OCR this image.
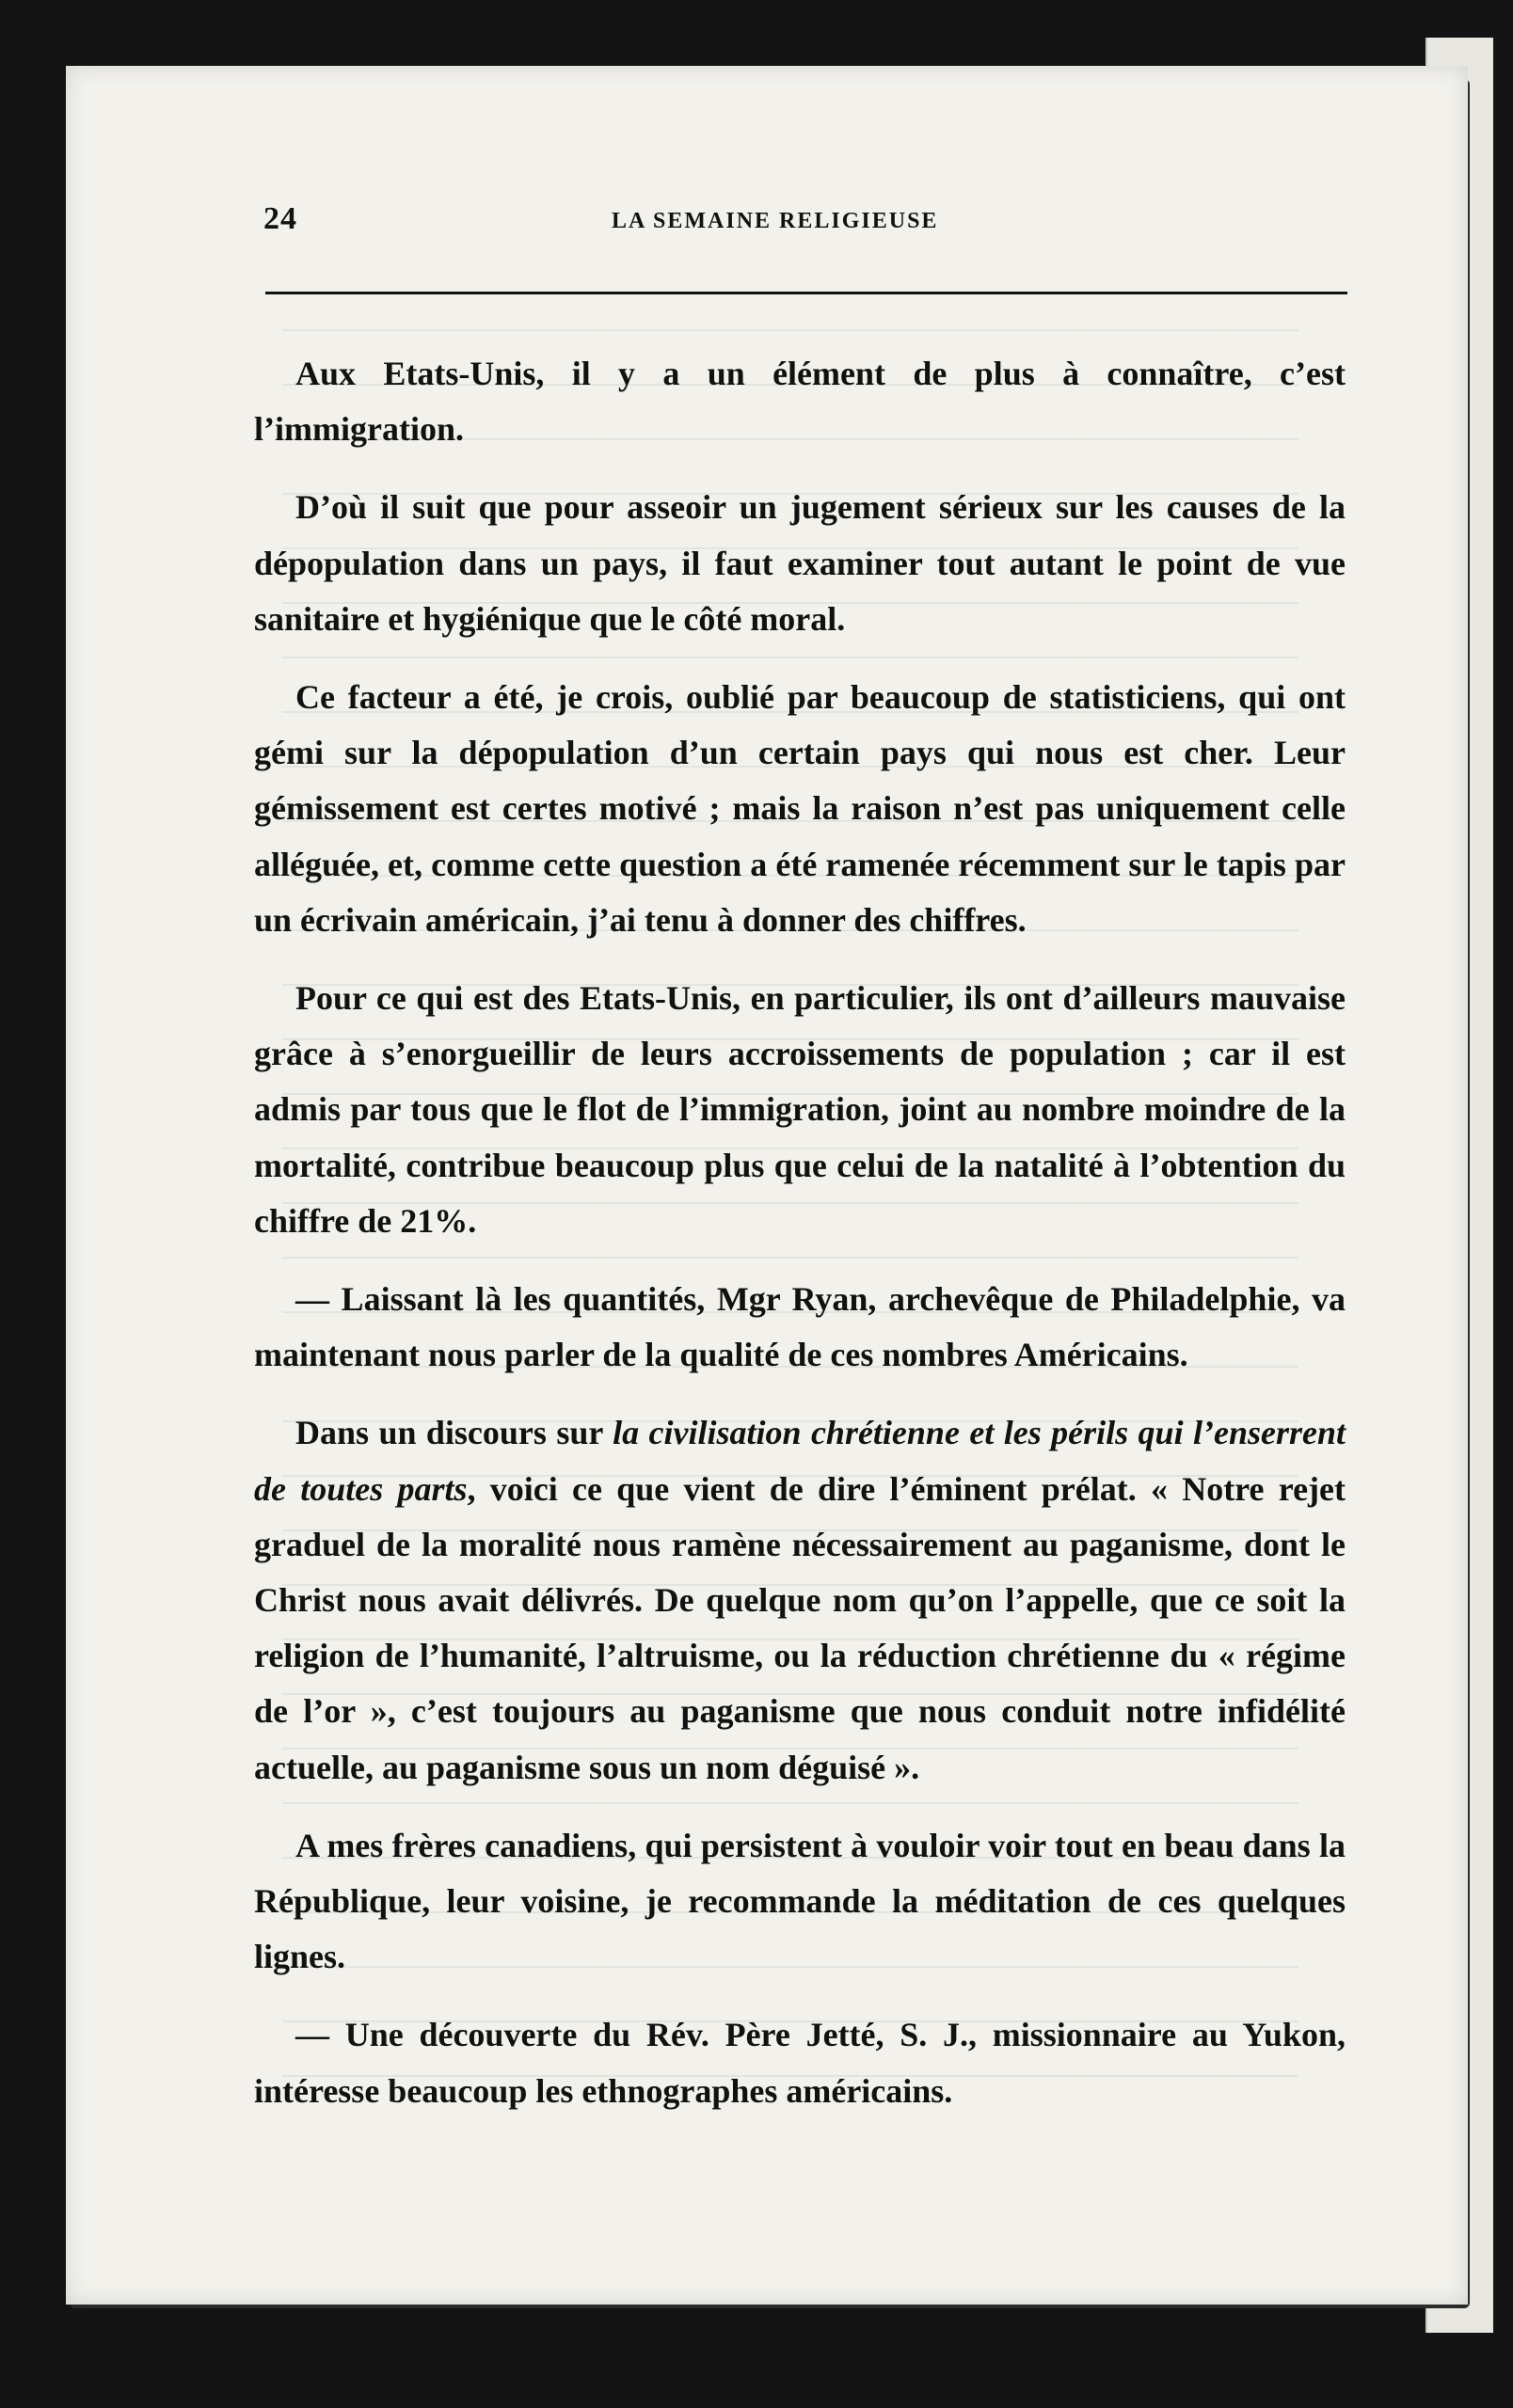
24	LA SEMAINE RELIGIEUSE

Aux Etats-Unis, il y a un élément de plus à connaître, c’est l’immigration.

D’où il suit que pour asseoir un jugement sérieux sur les causes de la dépopulation dans un pays, il faut examiner tout autant le point de vue sanitaire et hygiénique que le côté moral.

Ce facteur a été, je crois, oublié par beaucoup de statisticiens, qui ont gémi sur la dépopulation d’un certain pays qui nous est cher. Leur gémissement est certes motivé ; mais la raison n’est pas uniquement celle alléguée, et, comme cette question a été ramenée récemment sur le tapis par un écrivain américain, j’ai tenu à donner des chiffres.

Pour ce qui est des Etats-Unis, en particulier, ils ont d’ailleurs mauvaise grâce à s’enorgueillir de leurs accroissements de population ; car il est admis par tous que le flot de l’immigration, joint au nombre moindre de la mortalité, contribue beaucoup plus que celui de la natalité à l’obtention du chiffre de 21%.

— Laissant là les quantités, Mgr Ryan, archevêque de Philadelphie, va maintenant nous parler de la qualité de ces nombres Américains.

Dans un discours sur la civilisation chrétienne et les périls qui l’enserrent de toutes parts, voici ce que vient de dire l’éminent prélat. « Notre rejet graduel de la moralité nous ramène nécessairement au paganisme, dont le Christ nous avait délivrés. De quelque nom qu’on l’appelle, que ce soit la religion de l’humanité, l’altruisme, ou la réduction chrétienne du « régime de l’or », c’est toujours au paganisme que nous conduit notre infidélité actuelle, au paganisme sous un nom déguisé ».

A mes frères canadiens, qui persistent à vouloir voir tout en beau dans la République, leur voisine, je recommande la méditation de ces quelques lignes.

— Une découverte du Rév. Père Jetté, S. J., missionnaire au Yukon, intéresse beaucoup les ethnographes américains.
